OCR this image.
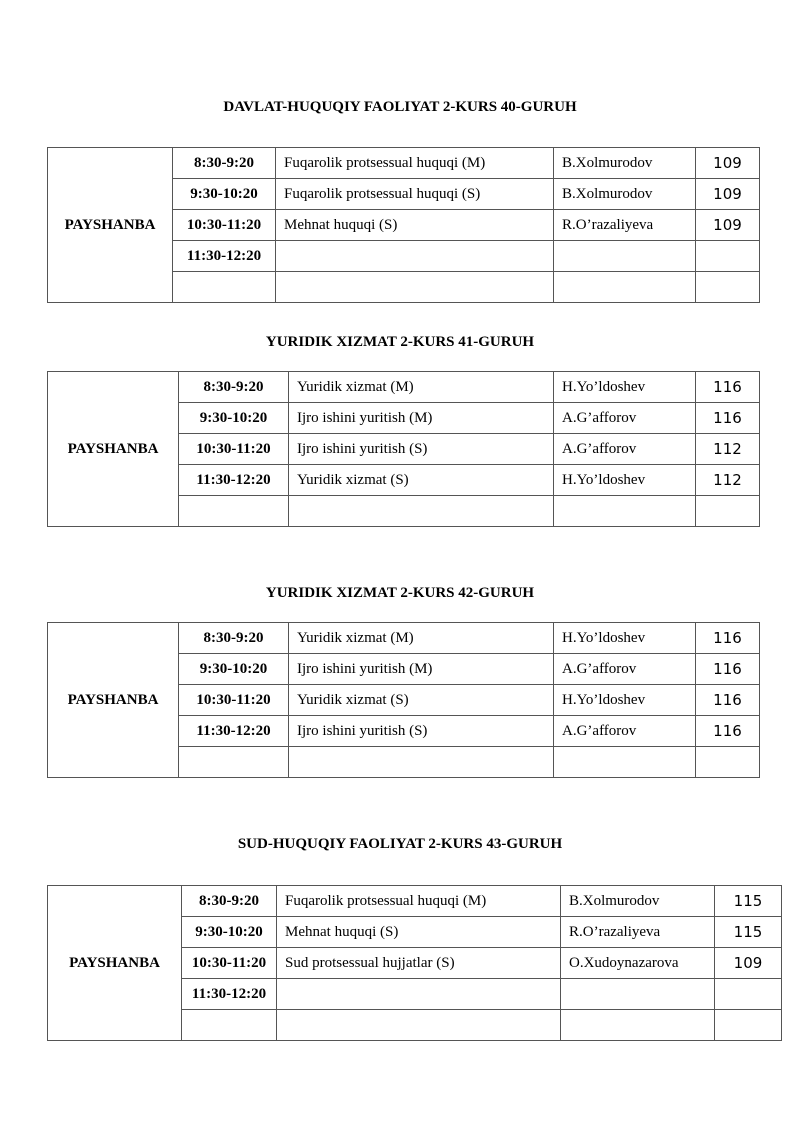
DAVLAT-HUQUQIY FAOLIYAT 2-KURS 40-GURUH
PAYSHANBA	8:30-9:20	Fuqarolik protsessual huquqi (M)	B.Xolmurodov	109
	9:30-10:20	Fuqarolik protsessual huquqi (S)	B.Xolmurodov	109
	10:30-11:20	Mehnat huquqi (S)	R.O’razaliyeva	109
	11:30-12:20			

YURIDIK XIZMAT 2-KURS 41-GURUH
PAYSHANBA	8:30-9:20	Yuridik xizmat (M)	H.Yo’ldoshev	116
	9:30-10:20	Ijro ishini yuritish (M)	A.G’afforov	116
	10:30-11:20	Ijro ishini yuritish (S)	A.G’afforov	112
	11:30-12:20	Yuridik xizmat (S)	H.Yo’ldoshev	112

YURIDIK XIZMAT 2-KURS 42-GURUH
PAYSHANBA	8:30-9:20	Yuridik xizmat (M)	H.Yo’ldoshev	116
	9:30-10:20	Ijro ishini yuritish (M)	A.G’afforov	116
	10:30-11:20	Yuridik xizmat (S)	H.Yo’ldoshev	116
	11:30-12:20	Ijro ishini yuritish (S)	A.G’afforov	116

SUD-HUQUQIY FAOLIYAT 2-KURS 43-GURUH
PAYSHANBA	8:30-9:20	Fuqarolik protsessual huquqi (M)	B.Xolmurodov	115
	9:30-10:20	Mehnat huquqi (S)	R.O’razaliyeva	115
	10:30-11:20	Sud protsessual hujjatlar (S)	O.Xudoynazarova	109
	11:30-12:20			
